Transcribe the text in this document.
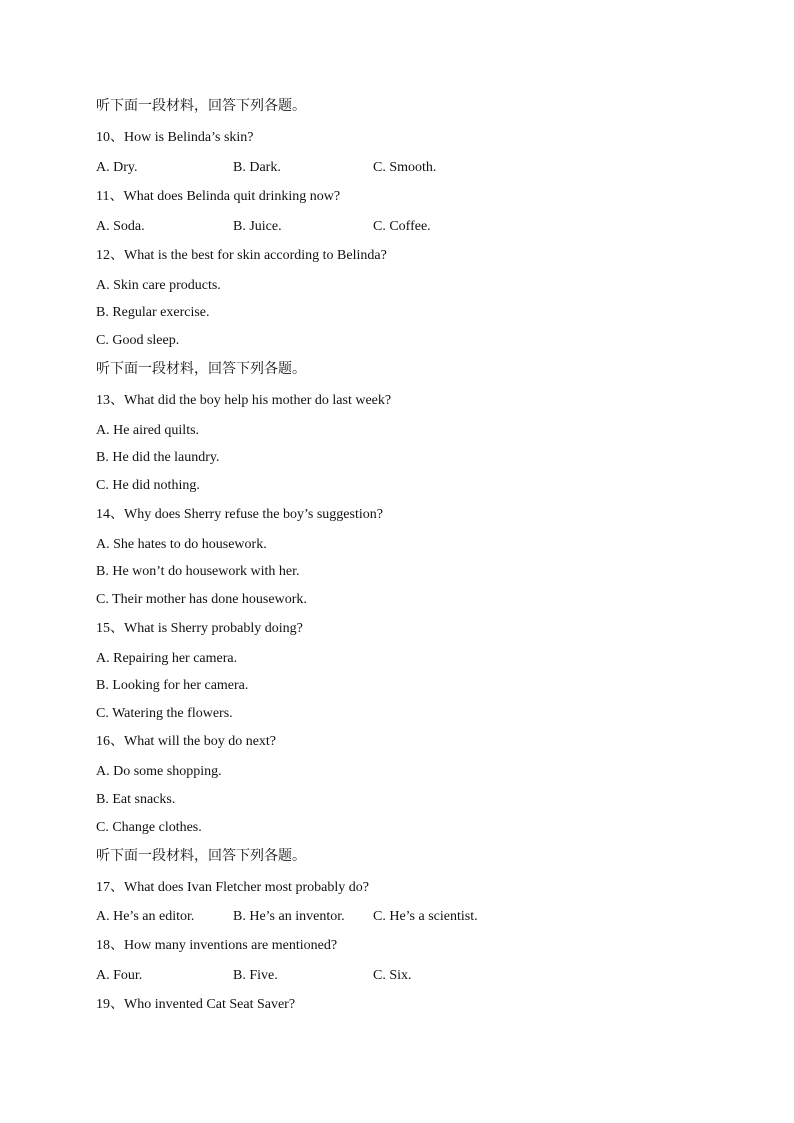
听下面一段材料，回答下列各题。
10、How is Belinda’s skin?
A. Dry.	B. Dark.	C. Smooth.
11、What does Belinda quit drinking now?
A. Soda.	B. Juice.	C. Coffee.
12、What is the best for skin according to Belinda?
A. Skin care products.
B. Regular exercise.
C. Good sleep.
听下面一段材料，回答下列各题。
13、What did the boy help his mother do last week?
A. He aired quilts.
B. He did the laundry.
C. He did nothing.
14、Why does Sherry refuse the boy’s suggestion?
A. She hates to do housework.
B. He won’t do housework with her.
C. Their mother has done housework.
15、What is Sherry probably doing?
A. Repairing her camera.
B. Looking for her camera.
C. Watering the flowers.
16、What will the boy do next?
A. Do some shopping.
B. Eat snacks.
C. Change clothes.
听下面一段材料，回答下列各题。
17、What does Ivan Fletcher most probably do?
A. He’s an editor.	B. He’s an inventor. C. He’s a scientist.
18、How many inventions are mentioned?
A. Four.	B. Five.	C. Six.
19、Who invented Cat Seat Saver?
